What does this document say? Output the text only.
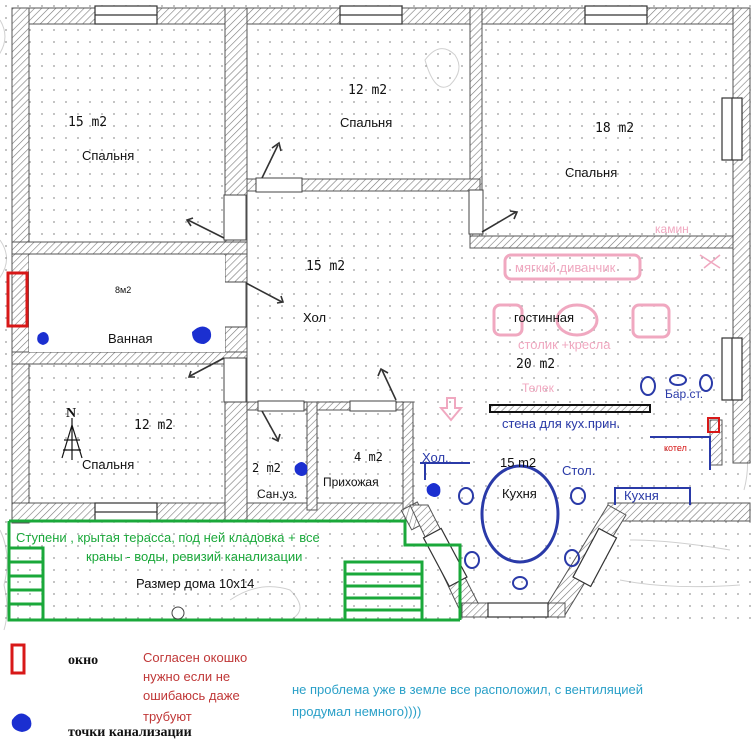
15 m2
Спальня
12 m2
Спальня	18 m2
Спальня
8м2
Ванная
15 m2
Хол
12 m2
Спальня	2 m2
Сан.уз.
4 m2
Прихожая
гостинная
20 m2
15 m2
Кухня
Хол.
N
камин
мягкий диванчик
столик +кресла
Телек
стена для кух.прин.
Бар.ст.
Стол.
Кухня
котел
Ступени , крытая терасса, под ней кладовка + все
краны - воды, ревизий канализации
Размер дома 10х14
окно
точки канализации
Согласен окошко
нужно если не
ошибаюсь даже
трубуют
не проблема уже в земле все расположил, с вентиляцией
продумал немного))))
